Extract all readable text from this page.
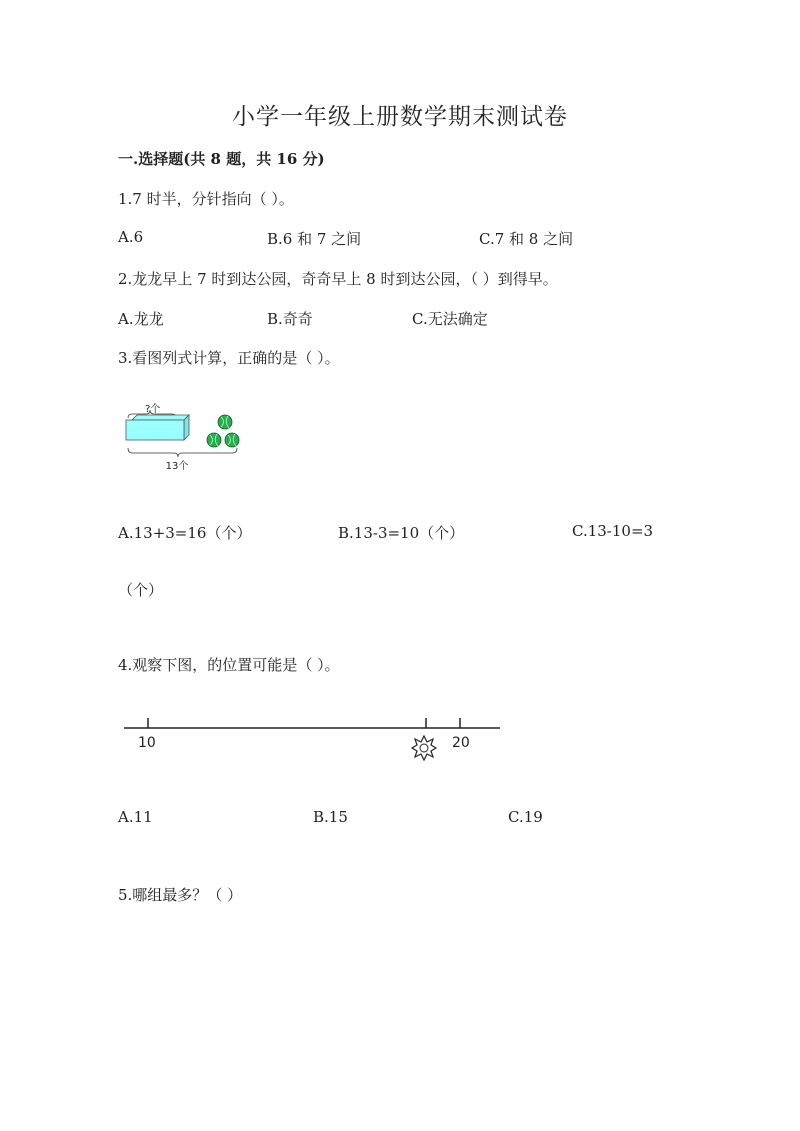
小学一年级上册数学期末测试卷
一.选择题(共 8 题，共 16 分)
1.7 时半，分针指向（ ）。
A.6	B.6 和 7 之间	C.7 和 8 之间
2.龙龙早上 7 时到达公园，奇奇早上 8 时到达公园，（ ）到得早。
A.龙龙	B.奇奇	C.无法确定
3.看图列式计算，正确的是（ ）。
?个
13个
A.13+3=16（个）	B.13-3=10（个）	C.13-10=3
（个）
4.观察下图，的位置可能是（ ）。
10	20
A.11	B.15	C.19
5.哪组最多？（ ）
